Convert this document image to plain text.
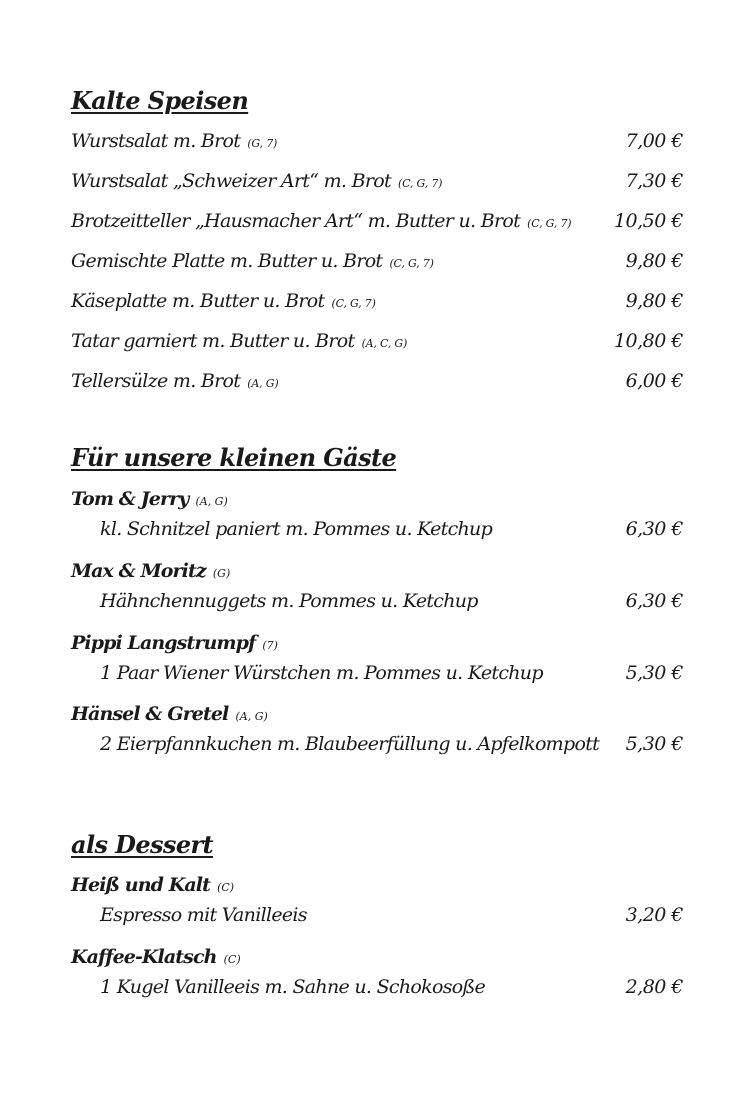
Kalte Speisen
Wurstsalat m. Brot (G, 7)	7,00 €
Wurstsalat „Schweizer Art“ m. Brot (C, G, 7)	7,30 €
Brotzeitteller „Hausmacher Art“ m. Butter u. Brot (C, G, 7) 10,50 €
Gemischte Platte m. Butter u. Brot (C, G, 7)	9,80 €
Käseplatte m. Butter u. Brot (C, G, 7)	9,80 €
Tatar garniert m. Butter u. Brot (A, C, G)	10,80 €
Tellersülze m. Brot (A, G)	6,00 €
Für unsere kleinen Gäste
Tom & Jerry (A, G)
kl. Schnitzel paniert m. Pommes u. Ketchup	6,30 €
Max & Moritz (G)
Hähnchennuggets m. Pommes u. Ketchup	6,30 €
Pippi Langstrumpf (7)
1 Paar Wiener Würstchen m. Pommes u. Ketchup	5,30 €
Hänsel & Gretel (A, G)
2 Eierpfannkuchen m. Blaubeerfüllung u. Apfelkompott 5,30 €
als Dessert
Heiß und Kalt (C)
Espresso mit Vanilleeis	3,20 €
Kaffee-Klatsch (C)
1 Kugel Vanilleeis m. Sahne u. Schokosoße	2,80 €
